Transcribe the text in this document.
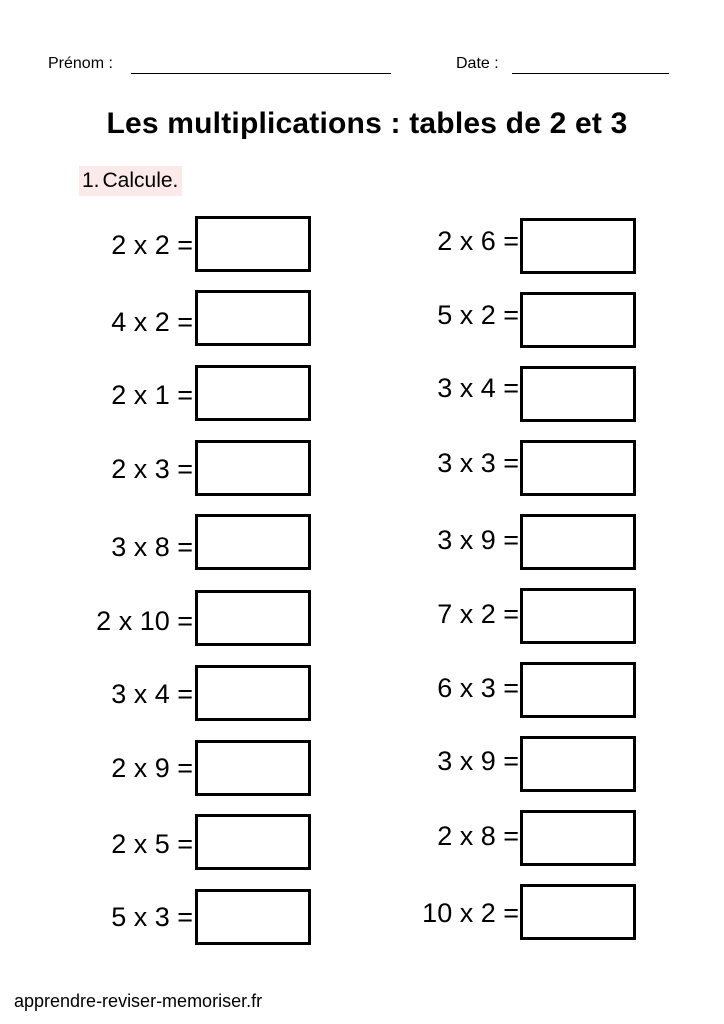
Prénom :	Date :
Les multiplications : tables de 2 et 3
1. Calcule.
2 x 2 =
4 x 2 =
2 x 1 =
2 x 3 =
3 x 8 =
2 x 10 =
3 x 4 =
2 x 9 =
2 x 5 =
5 x 3 =
2 x 6 =
5 x 2 =
3 x 4 =
3 x 3 =
3 x 9 =
7 x 2 =
6 x 3 =
3 x 9 =
2 x 8 =
10 x 2 =
apprendre-reviser-memoriser.fr
